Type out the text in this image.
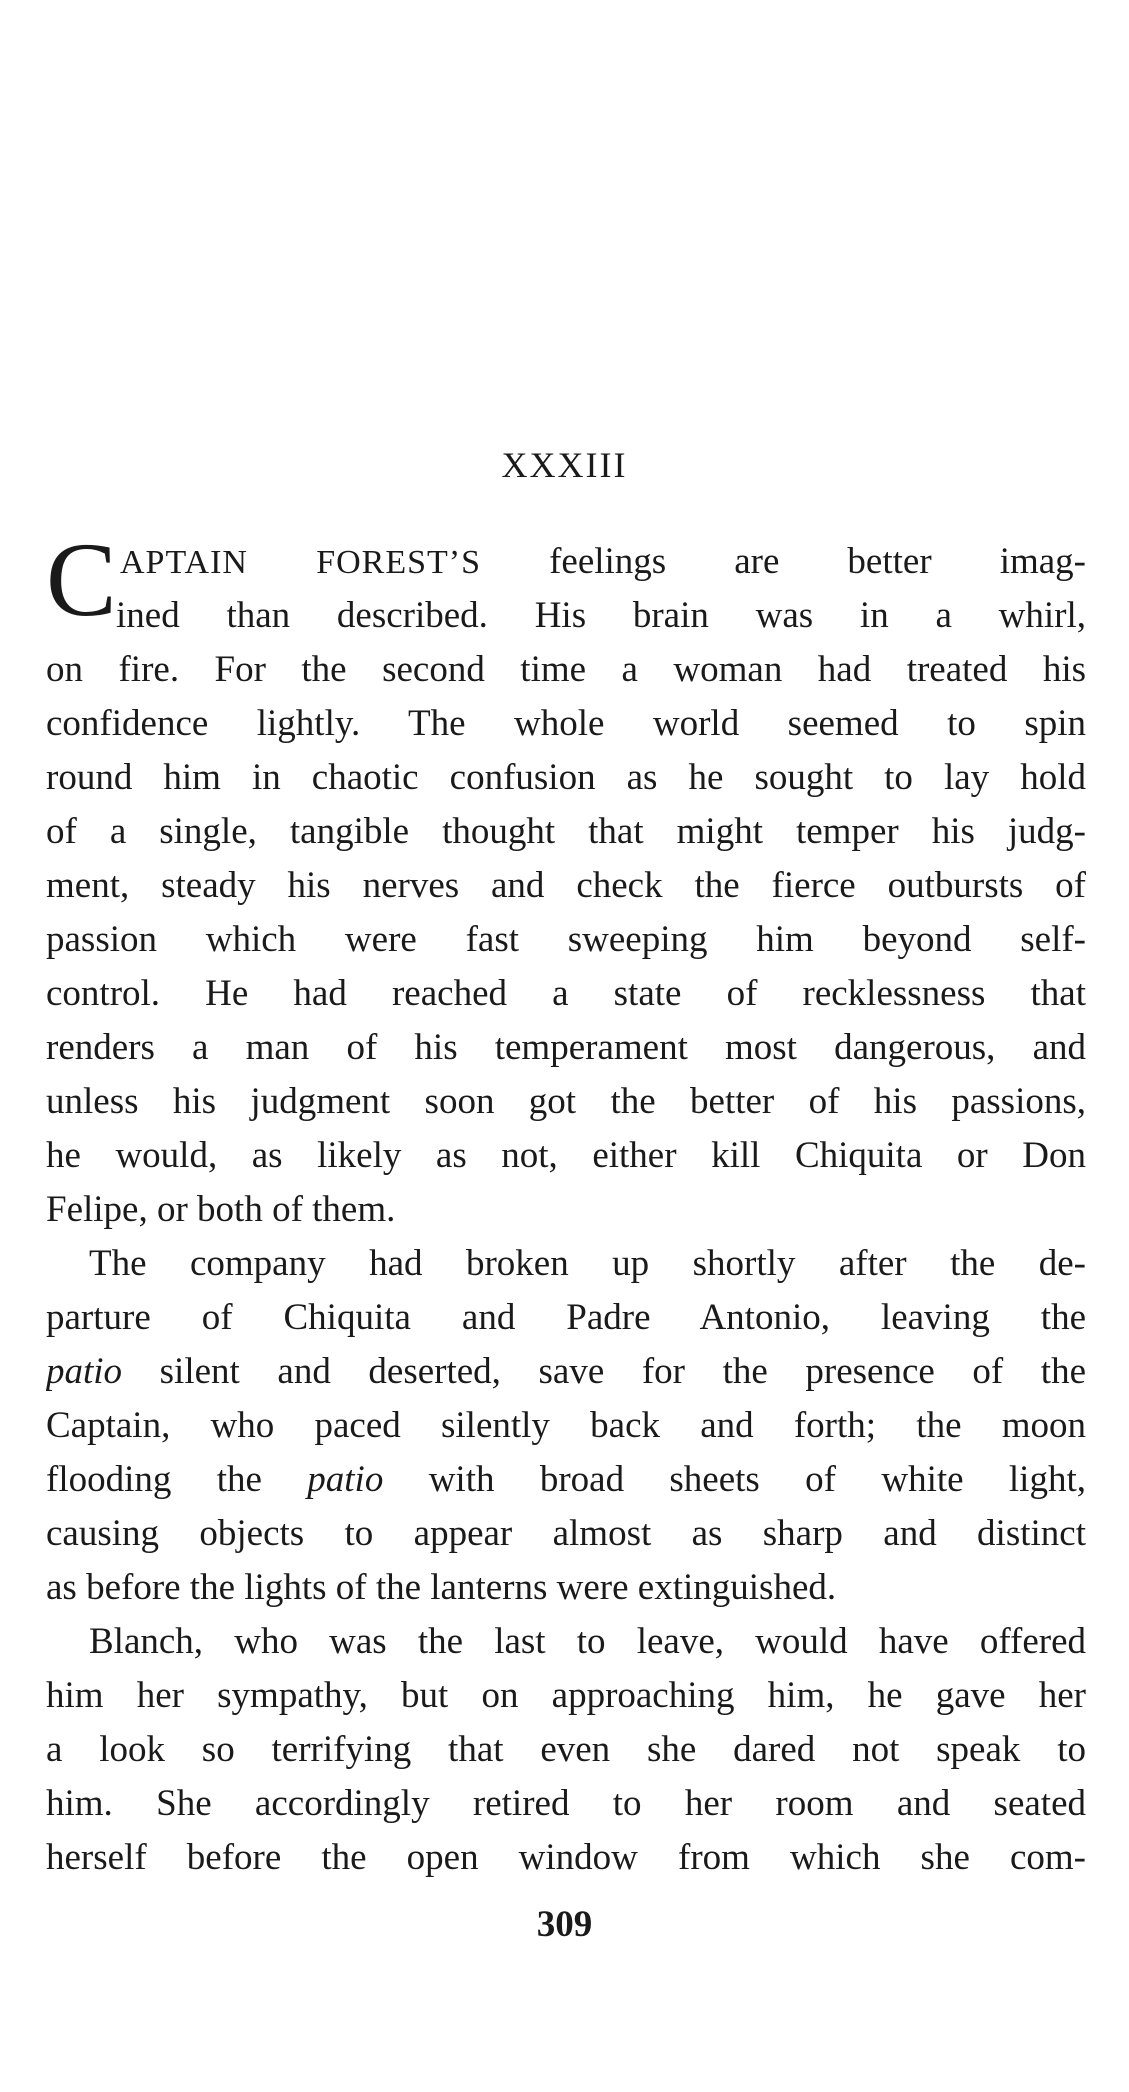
XXXIII
C APTAIN FOREST’S feelings are better imag-
ined than described. His brain was in a whirl,
on fire. For the second time a woman had treated his
confidence lightly. The whole world seemed to spin
round him in chaotic confusion as he sought to lay hold
of a single, tangible thought that might temper his judg-
ment, steady his nerves and check the fierce outbursts of
passion which were fast sweeping him beyond self-
control. He had reached a state of recklessness that
renders a man of his temperament most dangerous, and
unless his judgment soon got the better of his passions,
he would, as likely as not, either kill Chiquita or Don
Felipe, or both of them.
The company had broken up shortly after the de-
parture of Chiquita and Padre Antonio, leaving the
patio silent and deserted, save for the presence of the
Captain, who paced silently back and forth; the moon
flooding the patio with broad sheets of white light,
causing objects to appear almost as sharp and distinct
as before the lights of the lanterns were extinguished.
Blanch, who was the last to leave, would have offered
him her sympathy, but on approaching him, he gave her
a look so terrifying that even she dared not speak to
him. She accordingly retired to her room and seated
herself before the open window from which she com-
309
